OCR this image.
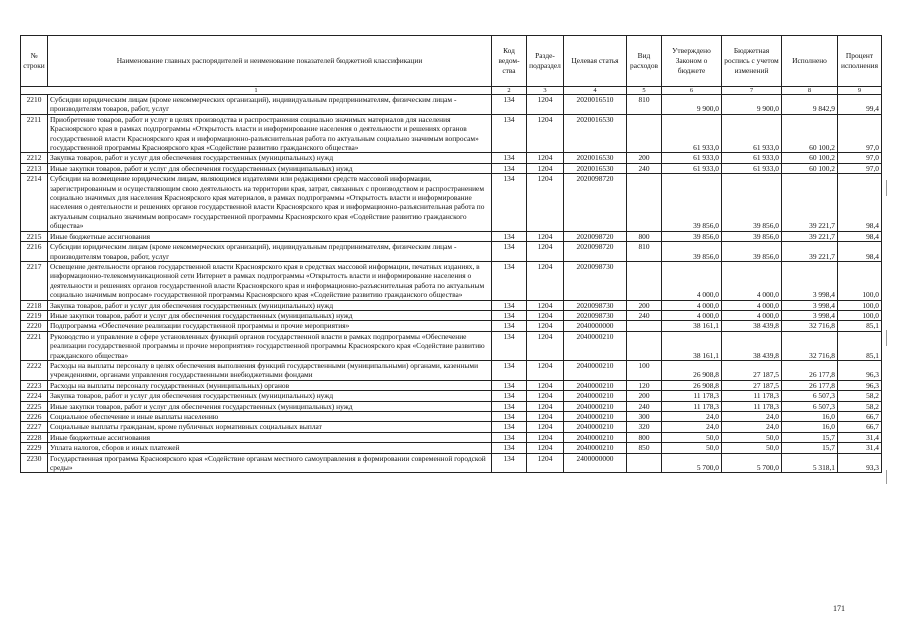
№ строки	Наименование главных распорядителей и неименование показателей бюджетной классификации	Код ведом- ства	Разде- подраздел	Целевая статья	Вид расходов	Утверждено Законом о бюджете	Бюджетная роспись с учетом изменений	Исполнено	Процент исполнения
1		2	3	4	5	6	7	8	9
2210	Субсидии юридическим лицам (кроме некоммерческих организаций), индивидуальным предпринимателям, физическим лицам - производителям товаров, работ, услуг	134	1204	2020016510	810	9 900,0	9 900,0	9 842,9	99,4
2211	Приобретение товаров, работ и услуг в целях производства и распространения социально значимых материалов для населения Красноярского края в рамках подпрограммы «Открытость власти и информирование населения о деятельности и решениях органов государственной власти Красноярского края и информационно-разъяснительная работа по актуальным социально значимым вопросам» государственной программы Красноярского края «Содействие развитию гражданского общества»	134	1204	2020016530		61 933,0	61 933,0	60 100,2	97,0
2212	Закупка товаров, работ и услуг для обеспечения государственных (муниципальных) нужд	134	1204	2020016530	200	61 933,0	61 933,0	60 100,2	97,0
2213	Иные закупки товаров, работ и услуг для обеспечения государственных (муниципальных) нужд	134	1204	2020016530	240	61 933,0	61 933,0	60 100,2	97,0
2214	Субсидии на возмещение юридическим лицам, являющимся издателями или редакциями средств массовой информации, зарегистрированным и осуществляющим свою деятельность на территории края, затрат, связанных с производством и распространением социально значимых для населения Красноярского края материалов, в рамках подпрограммы «Открытость власти и информирование населения о деятельности и решениях органов государственной власти Красноярского края и информационно-разъяснительная работа по актуальным социально значимым вопросам» государственной программы Красноярского края «Содействие развитию гражданского общества»	134	1204	2020098720		39 856,0	39 856,0	39 221,7	98,4
2215	Иные бюджетные ассигнования	134	1204	2020098720	800	39 856,0	39 856,0	39 221,7	98,4
2216	Субсидии юридическим лицам (кроме некоммерческих организаций), индивидуальным предпринимателям, физическим лицам - производителям товаров, работ, услуг	134	1204	2020098720	810	39 856,0	39 856,0	39 221,7	98,4
2217	Освещение деятельности органов государственной власти Красноярского края в средствах массовой информации, печатных изданиях, в информационно-телекоммуникационной сети Интернет в рамках подпрограммы «Открытость власти и информирование населения о деятельности и решениях органов государственной власти Красноярского края и информационно-разъяснительная работа по актуальным социально значимым вопросам» государственной программы Красноярского края «Содействие развитию гражданского общества»	134	1204	2020098730		4 000,0	4 000,0	3 998,4	100,0
2218	Закупка товаров, работ и услуг для обеспечения государственных (муниципальных) нужд	134	1204	2020098730	200	4 000,0	4 000,0	3 998,4	100,0
2219	Иные закупки товаров, работ и услуг для обеспечения государственных (муниципальных) нужд	134	1204	2020098730	240	4 000,0	4 000,0	3 998,4	100,0
2220	Подпрограмма «Обеспечение реализации государственной программы и прочие мероприятия»	134	1204	2040000000		38 161,1	38 439,8	32 716,8	85,1
2221	Руководство и управление в сфере установленных функций органов государственной власти в рамках подпрограммы «Обеспечение реализации государственной программы и прочие мероприятия» государственной программы Красноярского края «Содействие развитию гражданского общества»	134	1204	2040000210		38 161,1	38 439,8	32 716,8	85,1
2222	Расходы на выплаты персоналу в целях обеспечения выполнения функций государственными (муниципальными) органами, казенными учреждениями, органами управления государственными внебюджетными фондами	134	1204	2040000210	100	26 908,8	27 187,5	26 177,8	96,3
2223	Расходы на выплаты персоналу государственных (муниципальных) органов	134	1204	2040000210	120	26 908,8	27 187,5	26 177,8	96,3
2224	Закупка товаров, работ и услуг для обеспечения государственных (муниципальных) нужд	134	1204	2040000210	200	11 178,3	11 178,3	6 507,3	58,2
2225	Иные закупки товаров, работ и услуг для обеспечения государственных (муниципальных) нужд	134	1204	2040000210	240	11 178,3	11 178,3	6 507,3	58,2
2226	Социальное обеспечение и иные выплаты населению	134	1204	2040000210	300	24,0	24,0	16,0	66,7
2227	Социальные выплаты гражданам, кроме публичных нормативных социальных выплат	134	1204	2040000210	320	24,0	24,0	16,0	66,7
2228	Иные бюджетные ассигнования	134	1204	2040000210	800	50,0	50,0	15,7	31,4
2229	Уплата налогов, сборов и иных платежей	134	1204	2040000210	850	50,0	50,0	15,7	31,4
2230	Государственная программа Красноярского края «Содействие органам местного самоуправления в формировании современной городской среды»	134	1204	2400000000		5 700,0	5 700,0	5 318,1	93,3
171
